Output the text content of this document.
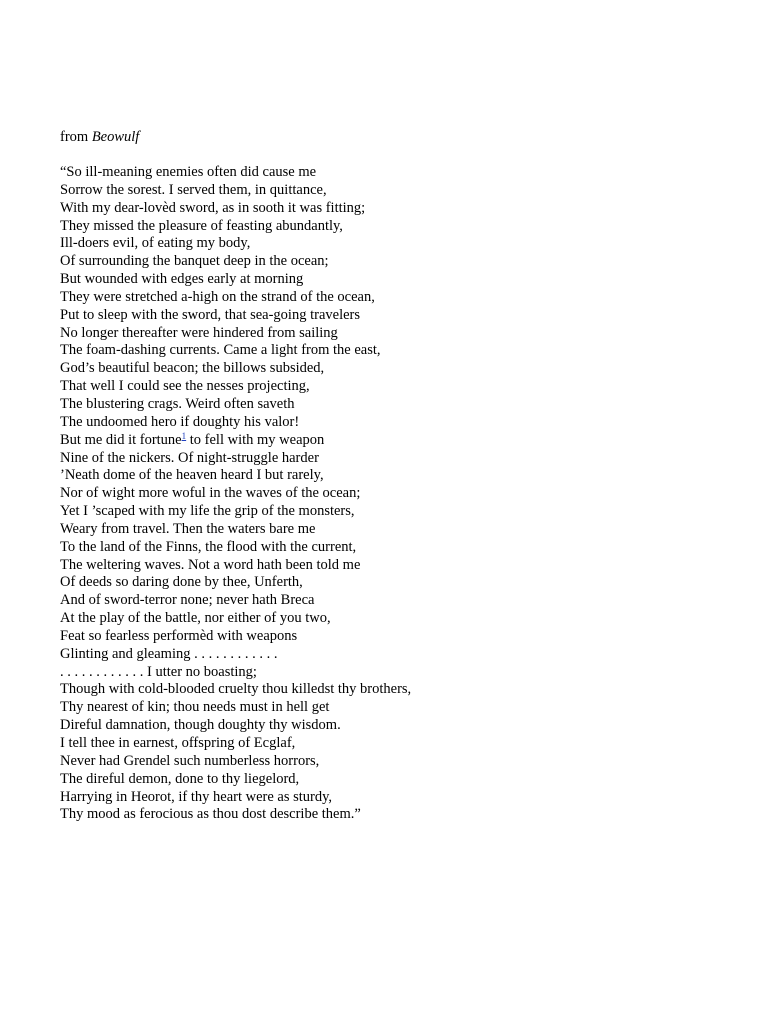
from Beowulf
“So ill-meaning enemies often did cause me
Sorrow the sorest. I served them, in quittance,
With my dear-lovèd sword, as in sooth it was fitting;
They missed the pleasure of feasting abundantly,
Ill-doers evil, of eating my body,
Of surrounding the banquet deep in the ocean;
But wounded with edges early at morning
They were stretched a-high on the strand of the ocean,
Put to sleep with the sword, that sea-going travelers
No longer thereafter were hindered from sailing
The foam-dashing currents. Came a light from the east,
God’s beautiful beacon; the billows subsided,
That well I could see the nesses projecting,
The blustering crags. Weird often saveth
The undoomed hero if doughty his valor!
But me did it fortune$^1$ to fell with my weapon
Nine of the nickers. Of night-struggle harder
’Neath dome of the heaven heard I but rarely,
Nor of wight more woful in the waves of the ocean;
Yet I ’scaped with my life the grip of the monsters,
Weary from travel. Then the waters bare me
To the land of the Finns, the flood with the current,
The weltering waves. Not a word hath been told me
Of deeds so daring done by thee, Unferth,
And of sword-terror none; never hath Breca
At the play of the battle, nor either of you two,
Feat so fearless performèd with weapons
Glinting and gleaming . . . . . . . . . . . .
. . . . . . . . . . . . I utter no boasting;
Though with cold-blooded cruelty thou killedst thy brothers,
Thy nearest of kin; thou needs must in hell get
Direful damnation, though doughty thy wisdom.
I tell thee in earnest, offspring of Ecglaf,
Never had Grendel such numberless horrors,
The direful demon, done to thy liegelord,
Harrying in Heorot, if thy heart were as sturdy,
Thy mood as ferocious as thou dost describe them.”
